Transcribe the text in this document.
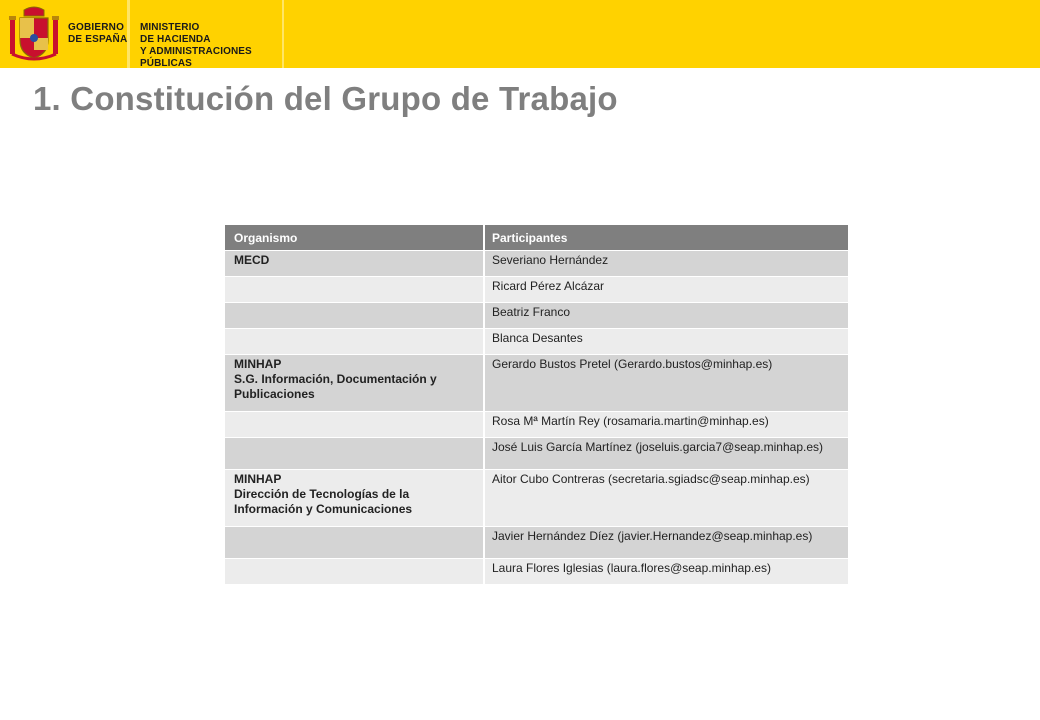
GOBIERNO
DE ESPAÑA
MINISTERIO
DE HACIENDA
Y ADMINISTRACIONES PÚBLICAS
1. Constitución del Grupo de Trabajo
Organismo	Participantes

MECD	Severiano Hernández
	Ricard Pérez Alcázar
	Beatriz Franco
	Blanca Desantes

MINHAP
S.G. Información, Documentación y Publicaciones	Gerardo Bustos Pretel (Gerardo.bustos@minhap.es)
	Rosa Mª Martín Rey (rosamaria.martin@minhap.es)
	José Luis García Martínez (joseluis.garcia7@seap.minhap.es)

MINHAP
Dirección de Tecnologías de la Información y Comunicaciones	Aitor Cubo Contreras (secretaria.sgiadsc@seap.minhap.es)
	Javier Hernández Díez (javier.Hernandez@seap.minhap.es)
	Laura Flores Iglesias (laura.flores@seap.minhap.es)
